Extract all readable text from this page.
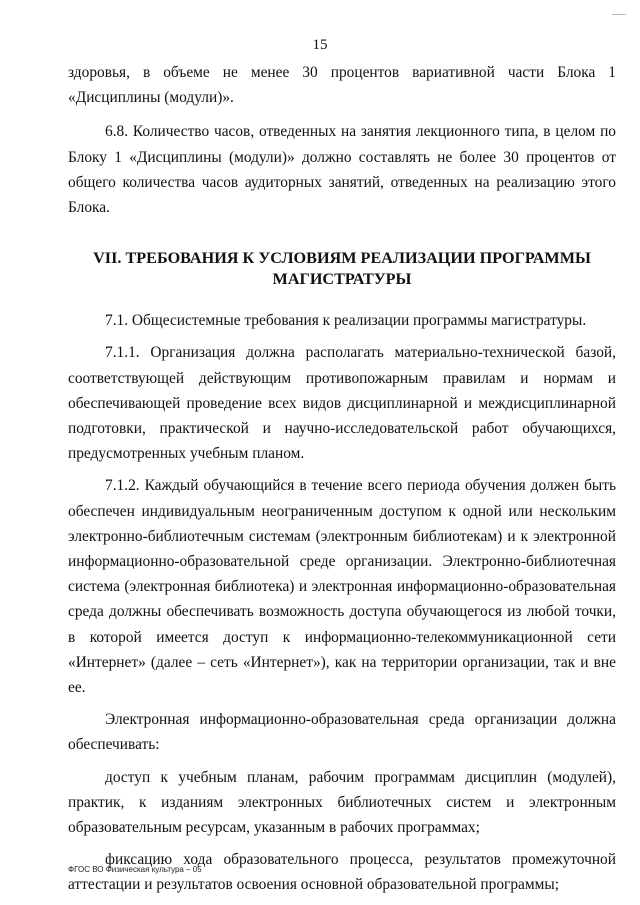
15

здоровья, в объеме не менее 30 процентов вариативной части Блока 1 «Дисциплины (модули)».

6.8. Количество часов, отведенных на занятия лекционного типа, в целом по Блоку 1 «Дисциплины (модули)» должно составлять не более 30 процентов от общего количества часов аудиторных занятий, отведенных на реализацию этого Блока.

VII. ТРЕБОВАНИЯ К УСЛОВИЯМ РЕАЛИЗАЦИИ ПРОГРАММЫ
МАГИСТРАТУРЫ

7.1. Общесистемные требования к реализации программы магистратуры.

7.1.1. Организация должна располагать материально-технической базой, соответствующей действующим противопожарным правилам и нормам и обеспечивающей проведение всех видов дисциплинарной и междисциплинарной подготовки, практической и научно-исследовательской работ обучающихся, предусмотренных учебным планом.

7.1.2. Каждый обучающийся в течение всего периода обучения должен быть обеспечен индивидуальным неограниченным доступом к одной или нескольким электронно-библиотечным системам (электронным библиотекам) и к электронной информационно-образовательной среде организации. Электронно-библиотечная система (электронная библиотека) и электронная информационно-образовательная среда должны обеспечивать возможность доступа обучающегося из любой точки, в которой имеется доступ к информационно-телекоммуникационной сети «Интернет» (далее – сеть «Интернет»), как на территории организации, так и вне ее.

Электронная информационно-образовательная среда организации должна обеспечивать:

доступ к учебным планам, рабочим программам дисциплин (модулей), практик, к изданиям электронных библиотечных систем и электронным образовательным ресурсам, указанным в рабочих программах;

фиксацию хода образовательного процесса, результатов промежуточной аттестации и результатов освоения основной образовательной программы;

ФГОС ВО Физическая культура – 05
